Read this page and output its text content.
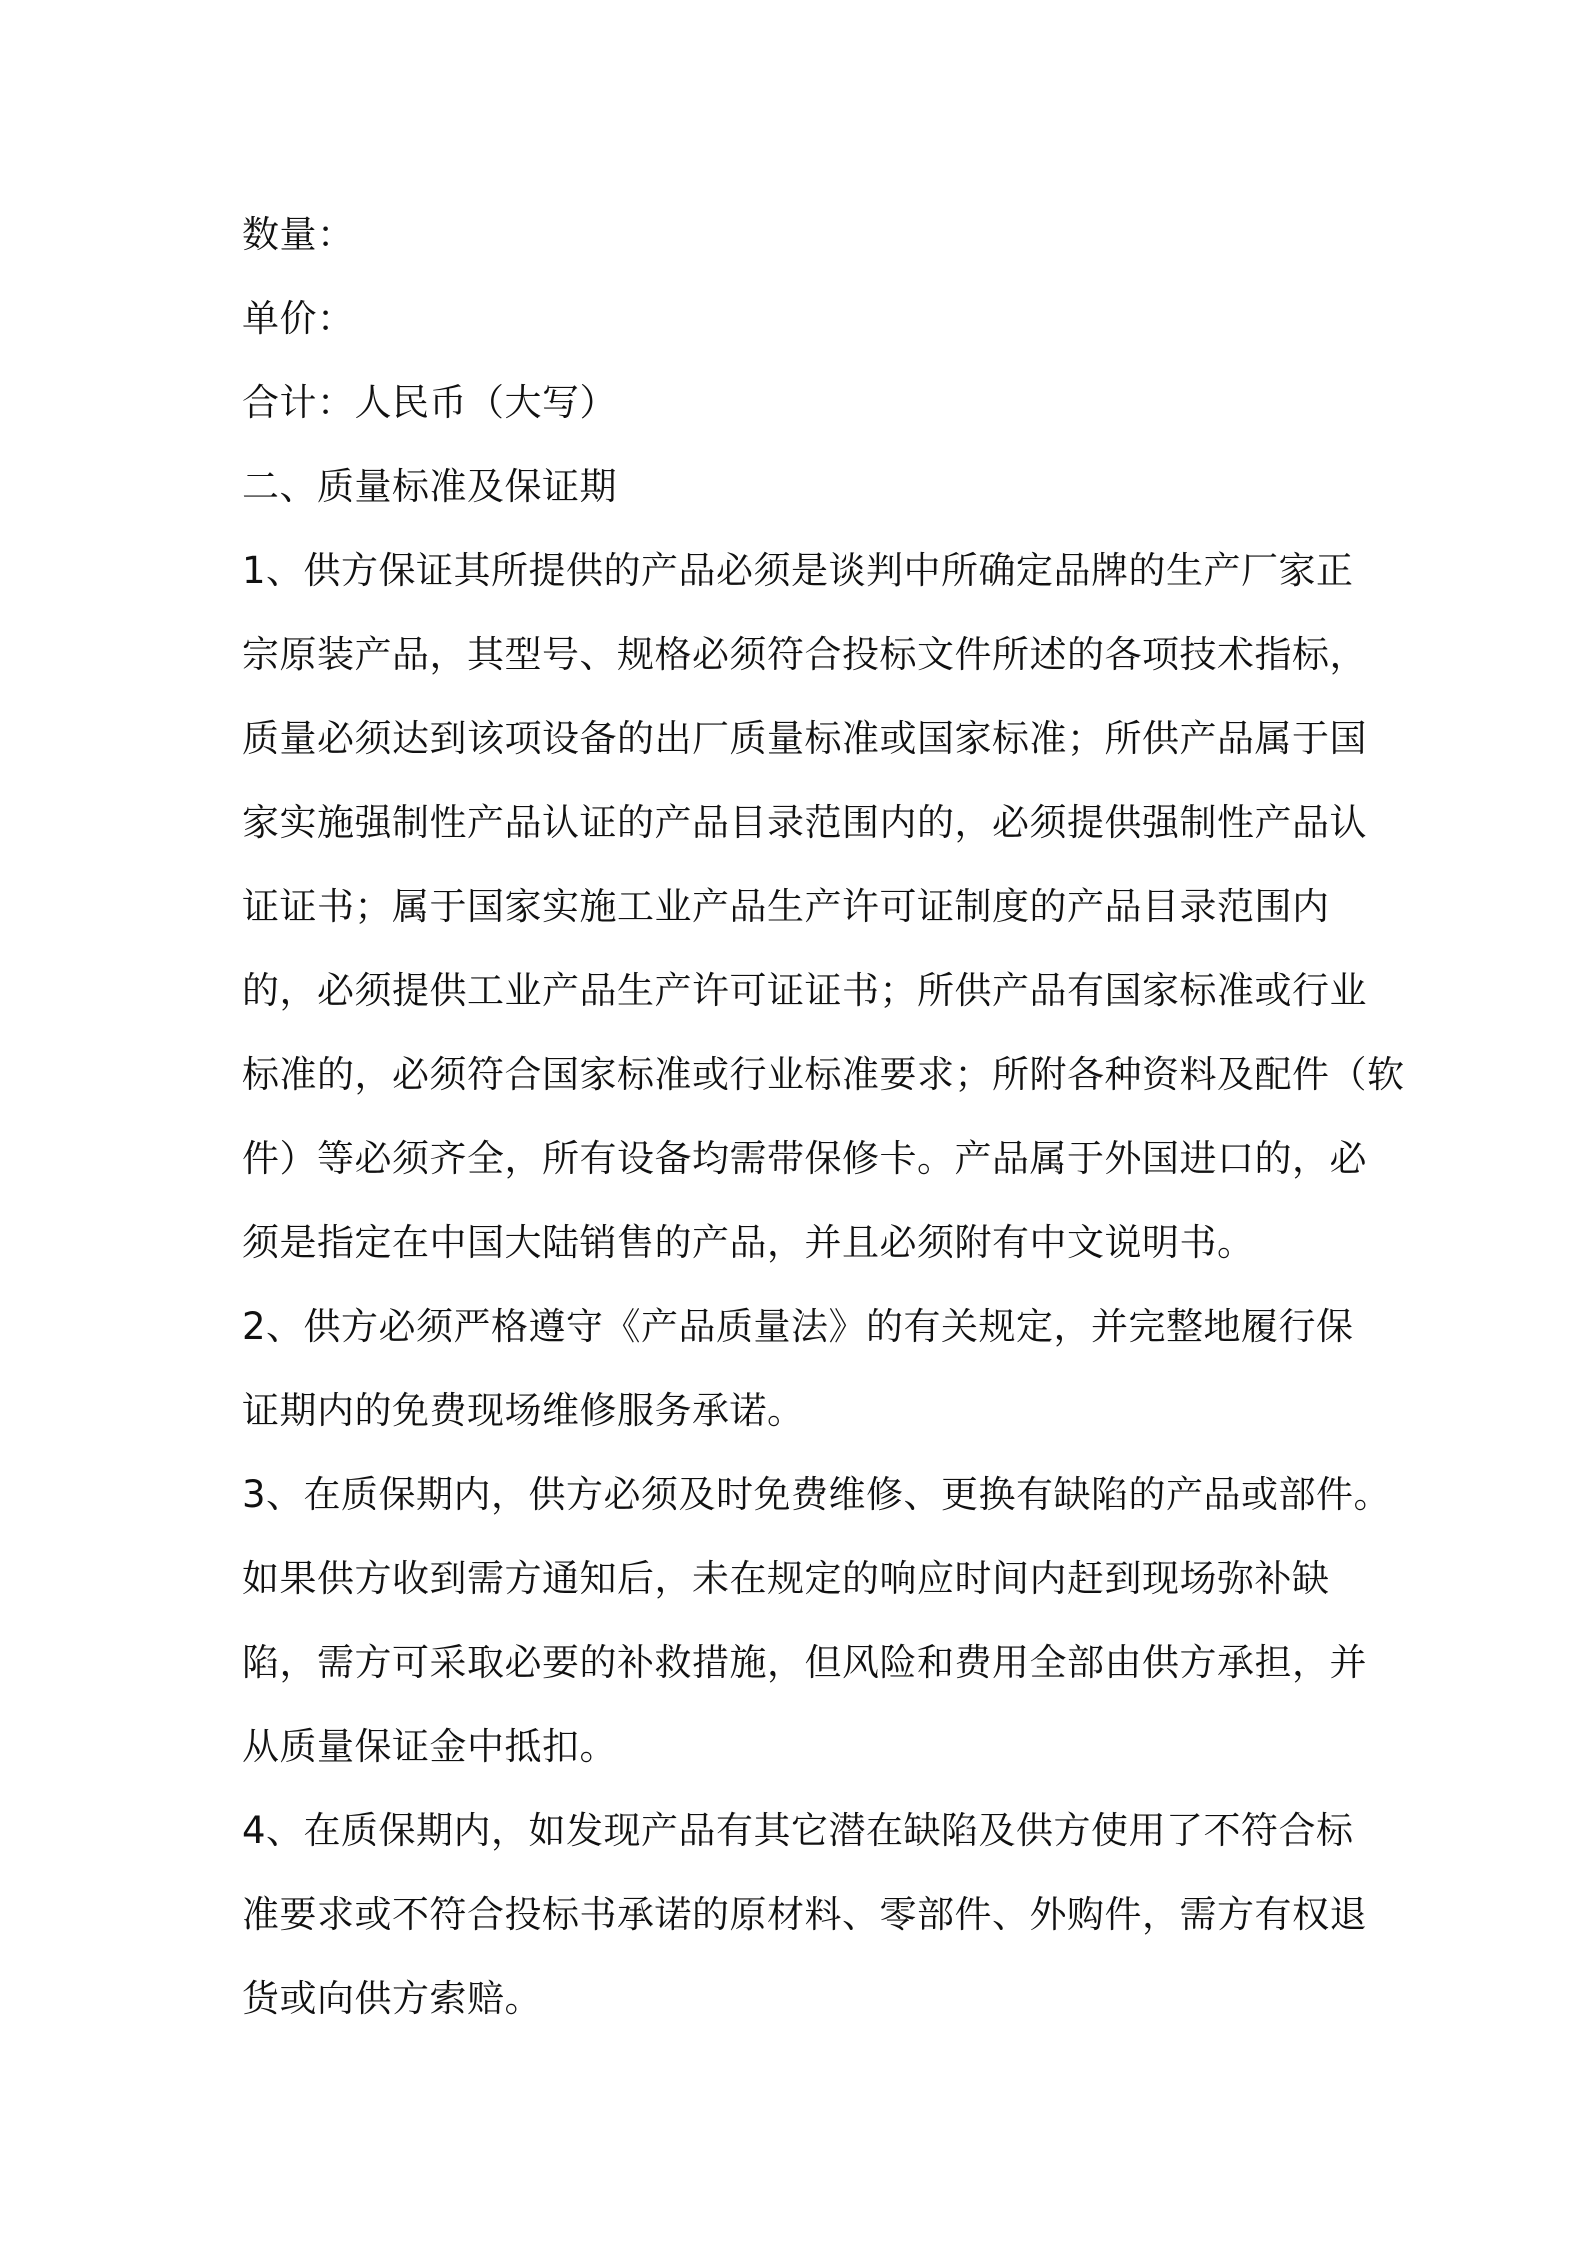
数量：
单价：
合计：人民币（大写）
二、质量标准及保证期
1、供方保证其所提供的产品必须是谈判中所确定品牌的生产厂家正
宗原装产品，其型号、规格必须符合投标文件所述的各项技术指标，
质量必须达到该项设备的出厂质量标准或国家标准；所供产品属于国
家实施强制性产品认证的产品目录范围内的，必须提供强制性产品认
证证书；属于国家实施工业产品生产许可证制度的产品目录范围内
的，必须提供工业产品生产许可证证书；所供产品有国家标准或行业
标准的，必须符合国家标准或行业标准要求；所附各种资料及配件（软
件）等必须齐全，所有设备均需带保修卡。产品属于外国进口的，必
须是指定在中国大陆销售的产品，并且必须附有中文说明书。
2、供方必须严格遵守《产品质量法》的有关规定，并完整地履行保
证期内的免费现场维修服务承诺。
3、在质保期内，供方必须及时免费维修、更换有缺陷的产品或部件。
如果供方收到需方通知后，未在规定的响应时间内赶到现场弥补缺
陷，需方可采取必要的补救措施，但风险和费用全部由供方承担，并
从质量保证金中抵扣。
4、在质保期内，如发现产品有其它潜在缺陷及供方使用了不符合标
准要求或不符合投标书承诺的原材料、零部件、外购件，需方有权退
货或向供方索赔。
